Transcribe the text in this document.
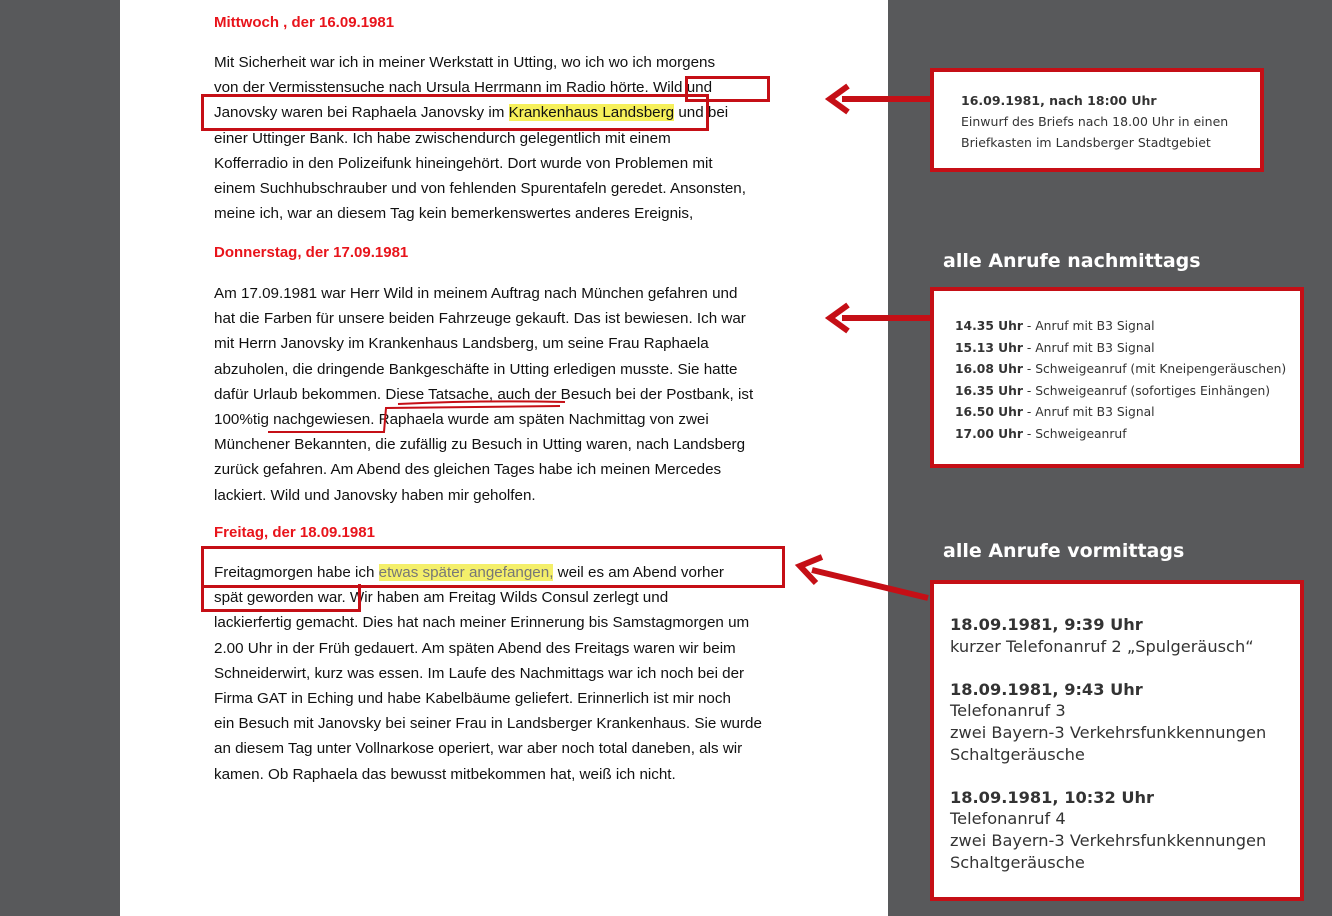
Mittwoch , der 16.09.1981
Mit Sicherheit war ich in meiner Werkstatt in Utting, wo ich wo ich morgens
von der Vermisstensuche nach Ursula Herrmann im Radio hörte. Wild und
Janovsky waren bei Raphaela Janovsky im Krankenhaus Landsberg und bei
einer Uttinger Bank. Ich habe zwischendurch gelegentlich mit einem
Kofferradio in den Polizeifunk hineingehört. Dort wurde von Problemen mit
einem Suchhubschrauber und von fehlenden Spurentafeln geredet. Ansonsten,
meine ich, war an diesem Tag kein bemerkenswertes anderes Ereignis,
Donnerstag, der 17.09.1981
Am 17.09.1981 war Herr Wild in meinem Auftrag nach München gefahren und
hat die Farben für unsere beiden Fahrzeuge gekauft. Das ist bewiesen. Ich war
mit Herrn Janovsky im Krankenhaus Landsberg, um seine Frau Raphaela
abzuholen, die dringende Bankgeschäfte in Utting erledigen musste. Sie hatte
dafür Urlaub bekommen. Diese Tatsache, auch der Besuch bei der Postbank, ist
100%tig nachgewiesen. Raphaela wurde am späten Nachmittag von zwei
Münchener Bekannten, die zufällig zu Besuch in Utting waren, nach Landsberg
zurück gefahren. Am Abend des gleichen Tages habe ich meinen Mercedes
lackiert. Wild und Janovsky haben mir geholfen.
Freitag, der 18.09.1981
Freitagmorgen habe ich etwas später angefangen, weil es am Abend vorher
spät geworden war. Wir haben am Freitag Wilds Consul zerlegt und
lackierfertig gemacht. Dies hat nach meiner Erinnerung bis Samstagmorgen um
2.00 Uhr in der Früh gedauert. Am späten Abend des Freitags waren wir beim
Schneiderwirt, kurz was essen. Im Laufe des Nachmittags war ich noch bei der
Firma GAT in Eching und habe Kabelbäume geliefert. Erinnerlich ist mir noch
ein Besuch mit Janovsky bei seiner Frau in Landsberger Krankenhaus. Sie wurde
an diesem Tag unter Vollnarkose operiert, war aber noch total daneben, als wir
kamen. Ob Raphaela das bewusst mitbekommen hat, weiß ich nicht.
16.09.1981, nach 18:00 Uhr
Einwurf des Briefs nach 18.00 Uhr in einen
Briefkasten im Landsberger Stadtgebiet
alle Anrufe nachmittags
14.35 Uhr - Anruf mit B3 Signal
15.13 Uhr - Anruf mit B3 Signal
16.08 Uhr - Schweigeanruf (mit Kneipengeräuschen)
16.35 Uhr - Schweigeanruf (sofortiges Einhängen)
16.50 Uhr - Anruf mit B3 Signal
17.00 Uhr - Schweigeanruf
alle Anrufe vormittags
18.09.1981, 9:39 Uhr
kurzer Telefonanruf 2 „Spulgeräusch“
18.09.1981, 9:43 Uhr
Telefonanruf 3
zwei Bayern-3 Verkehrsfunkkennungen
Schaltgeräusche
18.09.1981, 10:32 Uhr
Telefonanruf 4
zwei Bayern-3 Verkehrsfunkkennungen
Schaltgeräusche
